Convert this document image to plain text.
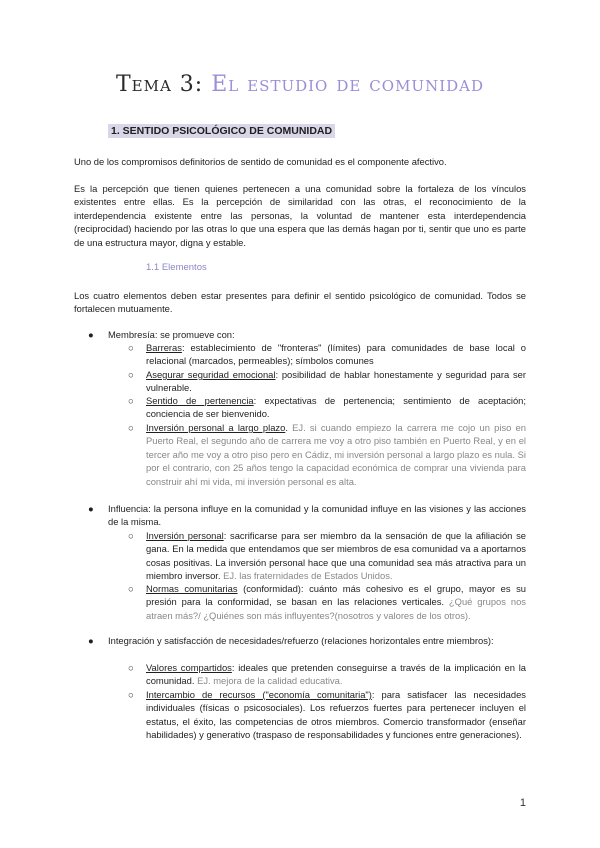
Tema 3: El estudio de comunidad
1. SENTIDO PSICOLÓGICO DE COMUNIDAD
Uno de los compromisos definitorios de sentido de comunidad es el componente afectivo.
Es la percepción que tienen quienes pertenecen a una comunidad sobre la fortaleza de los vínculos existentes entre ellas. Es la percepción de similaridad con las otras, el reconocimiento de la interdependencia existente entre las personas, la voluntad de mantener esta interdependencia (reciprocidad) haciendo por las otras lo que una espera que las demás hagan por ti, sentir que uno es parte de una estructura mayor, digna y estable.
1.1 Elementos
Los cuatro elementos deben estar presentes para definir el sentido psicológico de comunidad. Todos se fortalecen mutuamente.
● Membresía: se promueve con:
○ Barreras: establecimiento de "fronteras" (límites) para comunidades de base local o relacional (marcados, permeables); símbolos comunes
○ Asegurar seguridad emocional: posibilidad de hablar honestamente y seguridad para ser vulnerable.
○ Sentido de pertenencia: expectativas de pertenencia; sentimiento de aceptación; conciencia de ser bienvenido.
○ Inversión personal a largo plazo. EJ. si cuando empiezo la carrera me cojo un piso en Puerto Real, el segundo año de carrera me voy a otro piso también en Puerto Real, y en el tercer año me voy a otro piso pero en Cádiz, mi inversión personal a largo plazo es nula. Si por el contrario, con 25 años tengo la capacidad económica de comprar una vivienda para construir ahí mi vida, mi inversión personal es alta.
● Influencia: la persona influye en la comunidad y la comunidad influye en las visiones y las acciones de la misma.
○ Inversión personal: sacrificarse para ser miembro da la sensación de que la afiliación se gana. En la medida que entendamos que ser miembros de esa comunidad va a aportarnos cosas positivas. La inversión personal hace que una comunidad sea más atractiva para un miembro inversor. EJ. las fraternidades de Estados Unidos.
○ Normas comunitarias (conformidad): cuánto más cohesivo es el grupo, mayor es su presión para la conformidad, se basan en las relaciones verticales. ¿Qué grupos nos atraen más?/ ¿Quiénes son más influyentes?(nosotros y valores de los otros).
● Integración y satisfacción de necesidades/refuerzo (relaciones horizontales entre miembros):
○ Valores compartidos: ideales que pretenden conseguirse a través de la implicación en la comunidad. EJ. mejora de la calidad educativa.
○ Intercambio de recursos ("economía comunitaria"): para satisfacer las necesidades individuales (físicas o psicosociales). Los refuerzos fuertes para pertenecer incluyen el estatus, el éxito, las competencias de otros miembros. Comercio transformador (enseñar habilidades) y generativo (traspaso de responsabilidades y funciones entre generaciones).
1
